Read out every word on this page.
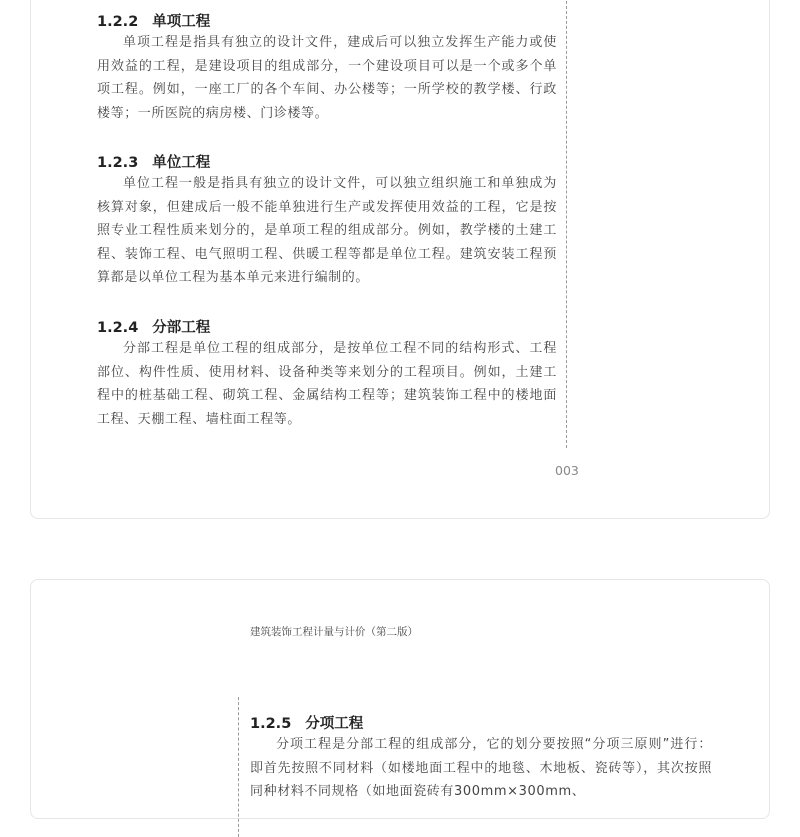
1.2.2 单项工程

单项工程是指具有独立的设计文件，建成后可以独立发挥生产能力或使用效益的工程，是建设项目的组成部分，一个建设项目可以是一个或多个单项工程。例如，一座工厂的各个车间、办公楼等；一所学校的教学楼、行政楼等；一所医院的病房楼、门诊楼等。

1.2.3 单位工程

单位工程一般是指具有独立的设计文件，可以独立组织施工和单独成为核算对象，但建成后一般不能单独进行生产或发挥使用效益的工程，它是按照专业工程性质来划分的，是单项工程的组成部分。例如，教学楼的土建工程、装饰工程、电气照明工程、供暖工程等都是单位工程。建筑安装工程预算都是以单位工程为基本单元来进行编制的。

1.2.4 分部工程

分部工程是单位工程的组成部分，是按单位工程不同的结构形式、工程部位、构件性质、使用材料、设备种类等来划分的工程项目。例如，土建工程中的桩基础工程、砌筑工程、金属结构工程等；建筑装饰工程中的楼地面工程、天棚工程、墙柱面工程等。

003
建筑装饰工程计量与计价（第二版）
1.2.5 分项工程

分项工程是分部工程的组成部分，它的划分要按照“分项三原则”进行：即首先按照不同材料（如楼地面工程中的地毯、木地板、瓷砖等），其次按照同种材料不同规格（如地面瓷砖有300mm×300mm、
